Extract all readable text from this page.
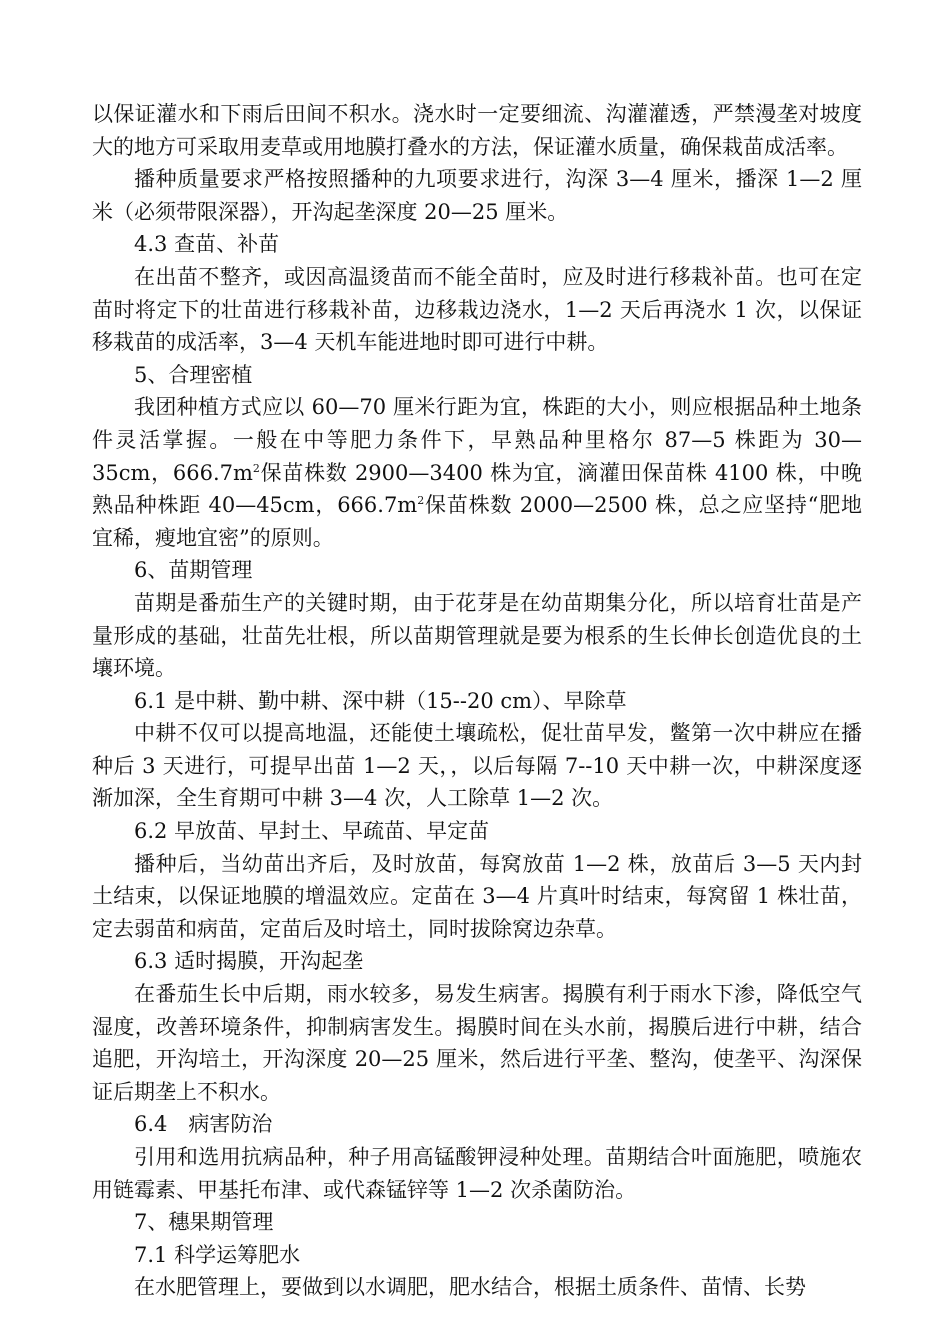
以保证灌水和下雨后田间不积水。浇水时一定要细流、沟灌灌透，严禁漫垄对坡度大的地方可采取用麦草或用地膜打叠水的方法，保证灌水质量，确保栽苗成活率。

播种质量要求严格按照播种的九项要求进行，沟深 3—4 厘米，播深 1—2 厘米（必须带限深器），开沟起垄深度 20—25 厘米。

4.3 查苗、补苗

在出苗不整齐，或因高温烫苗而不能全苗时，应及时进行移栽补苗。也可在定苗时将定下的壮苗进行移栽补苗，边移栽边浇水，1—2 天后再浇水 1 次，以保证移栽苗的成活率，3—4 天机车能进地时即可进行中耕。

5、合理密植

我团种植方式应以 60—70 厘米行距为宜，株距的大小，则应根据品种土地条件灵活掌握。一般在中等肥力条件下，早熟品种里格尔 87—5 株距为 30—35cm，$666.7m^2$保苗株数 2900—3400 株为宜，滴灌田保苗株 4100 株，中晚熟品种株距 40—45cm，$666.7m^2$保苗株数 2000—2500 株，总之应坚持“肥地宜稀，瘦地宜密”的原则。

6、苗期管理

苗期是番茄生产的关键时期，由于花芽是在幼苗期集分化，所以培育壮苗是产量形成的基础，壮苗先壮根，所以苗期管理就是要为根系的生长伸长创造优良的土壤环境。

6.1 是中耕、勤中耕、深中耕（15--20 cm）、早除草

中耕不仅可以提高地温，还能使土壤疏松，促壮苗早发，鳖第一次中耕应在播种后 3 天进行，可提早出苗 1—2 天，，以后每隔 7--10 天中耕一次，中耕深度逐渐加深，全生育期可中耕 3—4 次，人工除草 1—2 次。

6.2 早放苗、早封土、早疏苗、早定苗

播种后，当幼苗出齐后，及时放苗，每窝放苗 1—2 株，放苗后 3—5 天内封土结束，以保证地膜的增温效应。定苗在 3—4 片真叶时结束，每窝留 1 株壮苗，定去弱苗和病苗，定苗后及时培土，同时拔除窝边杂草。

6.3 适时揭膜，开沟起垄

在番茄生长中后期，雨水较多，易发生病害。揭膜有利于雨水下渗，降低空气湿度，改善环境条件，抑制病害发生。揭膜时间在头水前，揭膜后进行中耕，结合追肥，开沟培土，开沟深度 20—25 厘米，然后进行平垄、整沟，使垄平、沟深保证后期垄上不积水。

6.4　病害防治

引用和选用抗病品种，种子用高锰酸钾浸种处理。苗期结合叶面施肥，喷施农用链霉素、甲基托布津、或代森锰锌等 1—2 次杀菌防治。

7、穗果期管理

7.1 科学运筹肥水

在水肥管理上，要做到以水调肥，肥水结合，根据土质条件、苗情、长势
